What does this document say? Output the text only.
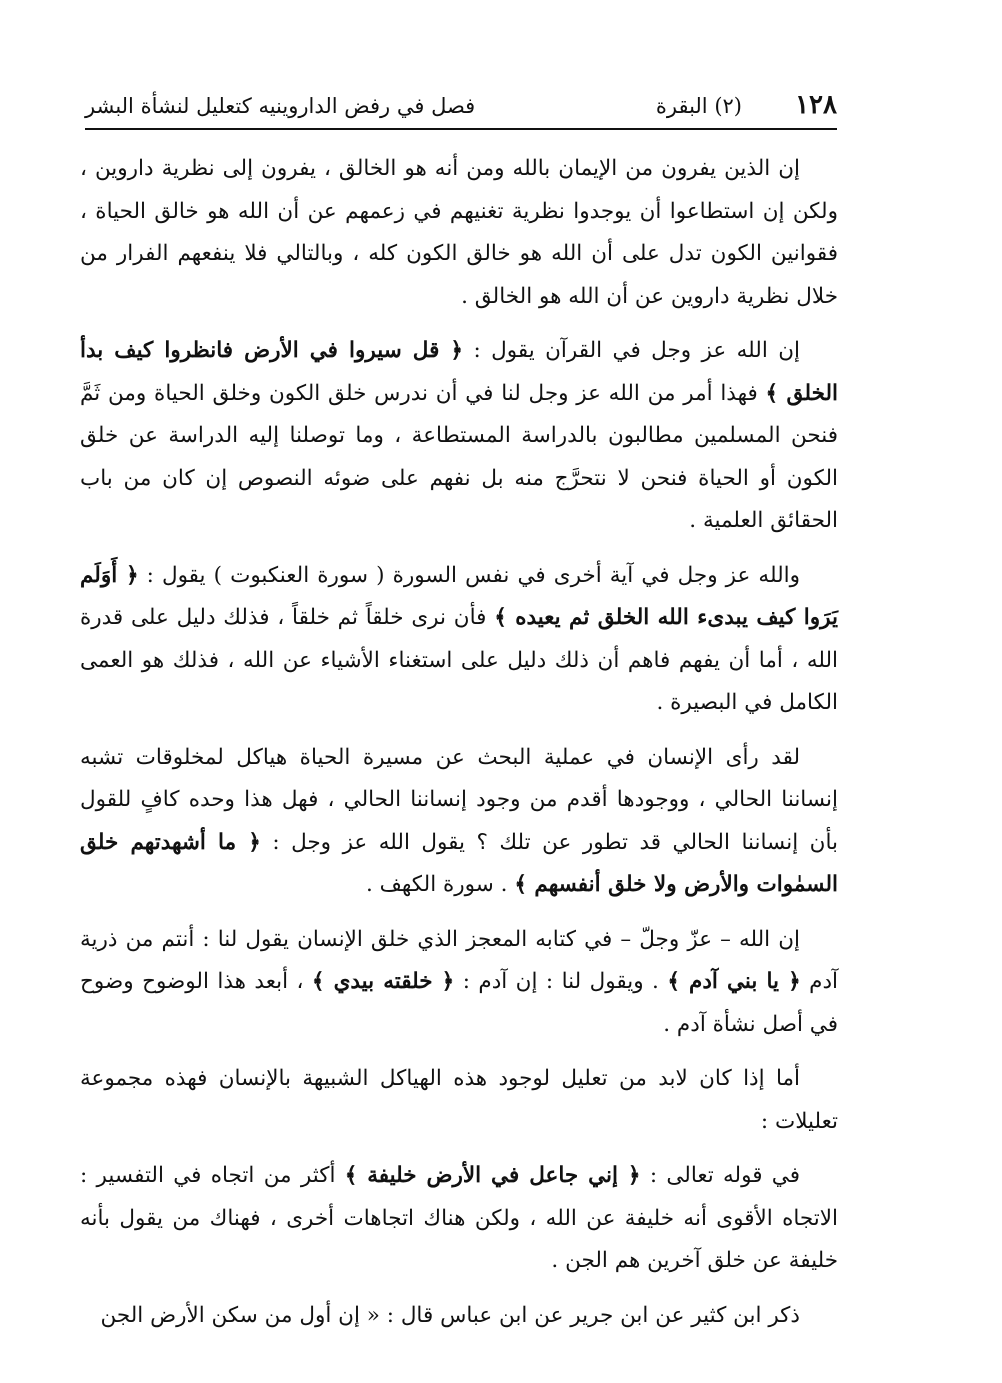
١٢٨
(٢) البقرة
فصل في رفض الداروينيه كتعليل لنشأة البشر

إن الذين يفرون من الإيمان بالله ومن أنه هو الخالق ، يفرون إلى نظرية داروين ، ولكن إن استطاعوا أن يوجدوا نظرية تغنيهم في زعمهم عن أن الله هو خالق الحياة ، فقوانين الكون تدل على أن الله هو خالق الكون كله ، وبالتالي فلا ينفعهم الفرار من خلال نظرية داروين عن أن الله هو الخالق .

إن الله عز وجل في القرآن يقول : ﴿ قل سيروا في الأرض فانظروا كيف بدأ الخلق ﴾ فهذا أمر من الله عز وجل لنا في أن ندرس خلق الكون وخلق الحياة ومن ثَمَّ فنحن المسلمين مطالبون بالدراسة المستطاعة ، وما توصلنا إليه الدراسة عن خلق الكون أو الحياة فنحن لا نتحرَّج منه بل نفهم على ضوئه النصوص إن كان من باب الحقائق العلمية .

والله عز وجل في آية أخرى في نفس السورة ( سورة العنكبوت ) يقول : ﴿ أَوَلَم يَرَوا كيف يبدىء الله الخلق ثم يعيده ﴾ فأن نرى خلقاً ثم خلقاً ، فذلك دليل على قدرة الله ، أما أن يفهم فاهم أن ذلك دليل على استغناء الأشياء عن الله ، فذلك هو العمى الكامل في البصيرة .

لقد رأى الإنسان في عملية البحث عن مسيرة الحياة هياكل لمخلوقات تشبه إنساننا الحالي ، ووجودها أقدم من وجود إنساننا الحالي ، فهل هذا وحده كافٍ للقول بأن إنساننا الحالي قد تطور عن تلك ؟ يقول الله عز وجل : ﴿ ما أشهدتهم خلق السمٰوات والأرض ولا خلق أنفسهم ﴾ . سورة الكهف .

إن الله – عزّ وجلّ – في كتابه المعجز الذي خلق الإنسان يقول لنا : أنتم من ذرية آدم ﴿ يا بني آدم ﴾ . ويقول لنا : إن آدم : ﴿ خلقته بيدي ﴾ ، أبعد هذا الوضوح وضوح في أصل نشأة آدم .

أما إذا كان لابد من تعليل لوجود هذه الهياكل الشبيهة بالإنسان فهذه مجموعة تعليلات :

في قوله تعالى : ﴿ إني جاعل في الأرض خليفة ﴾ أكثر من اتجاه في التفسير : الاتجاه الأقوى أنه خليفة عن الله ، ولكن هناك اتجاهات أخرى ، فهناك من يقول بأنه خليفة عن خلق آخرين هم الجن .

ذكر ابن كثير عن ابن جرير عن ابن عباس قال : « إن أول من سكن الأرض الجن
